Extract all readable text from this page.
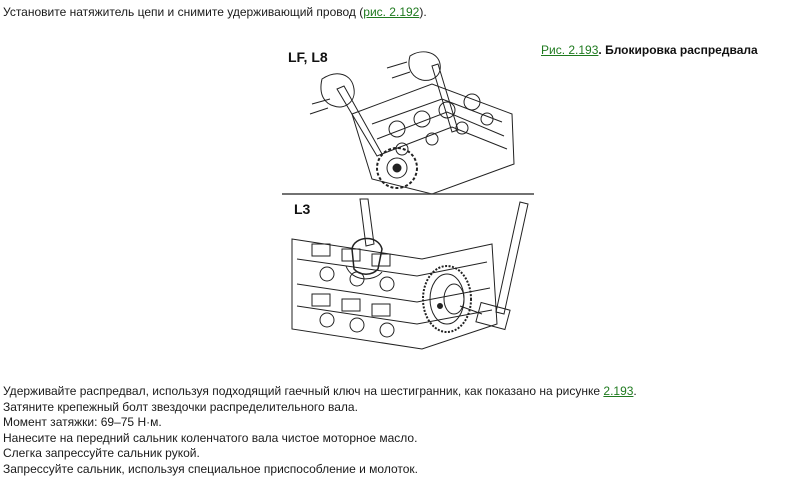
Установите натяжитель цепи и снимите удерживающий провод (рис. 2.192).
Рис. 2.193. Блокировка распредвала
LF, L8
L3
Удерживайте распредвал, используя подходящий гаечный ключ на шестигранник, как показано на рисунке 2.193.
Затяните крепежный болт звездочки распределительного вала.
Момент затяжки: 69–75 Н·м.
Нанесите на передний сальник коленчатого вала чистое моторное масло.
Слегка запрессуйте сальник рукой.
Запрессуйте сальник, используя специальное приспособление и молоток.
